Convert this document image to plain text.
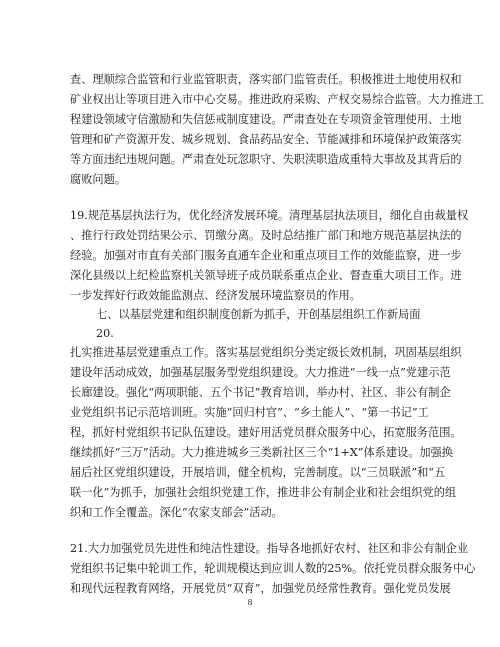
查、理顺综合监管和行业监管职责，落实部门监管责任。积极推进土地使用权和

矿业权出让等项目进入市中心交易。推进政府采购、产权交易综合监管。大力推进工

程建设领域守信激励和失信惩戒制度建设。严肃查处在专项资金管理使用、土地

管理和矿产资源开发、城乡规划、食品药品安全、节能减排和环境保护政策落实

等方面违纪违规问题。严肃查处玩忽职守、失职渎职造成重特大事故及其背后的

腐败问题。

19.规范基层执法行为，优化经济发展环境。清理基层执法项目，细化自由裁量权

、推行行政处罚结果公示、罚缴分离。及时总结推广部门和地方规范基层执法的

经验。加强对市直有关部门服务直通车企业和重点项目工作的效能监察，进一步

深化县级以上纪检监察机关领导班子成员联系重点企业、督查重大项目工作。进

一步发挥好行政效能监测点、经济发展环境监察员的作用。

七、以基层党建和组织制度创新为抓手，开创基层组织工作新局面

20.

扎实推进基层党建重点工作。落实基层党组织分类定级长效机制，巩固基层组织

建设年活动成效，加强基层服务型党组织建设。大力推进“一线一点”党建示范

长廊建设。强化“两项职能、五个书记”教育培训，举办村、社区、非公有制企

业党组织书记示范培训班。实施“回归村官”、“乡土能人”、“第一书记”工

程，抓好村党组织书记队伍建设。建好用活党员群众服务中心，拓宽服务范围。

继续抓好“三万”活动。大力推进城乡三类新社区三个“1+X”体系建设。加强换

届后社区党组织建设，开展培训，健全机构，完善制度。以“三员联派”和“五

联一化”为抓手，加强社会组织党建工作，推进非公有制企业和社会组织党的组

织和工作全覆盖。深化“农家支部会”活动。

21.大力加强党员先进性和纯洁性建设。指导各地抓好农村、社区和非公有制企业

党组织书记集中轮训工作，轮训规模达到应训人数的25%。依托党员群众服务中心

和现代远程教育网络，开展党员“双育”，加强党员经常性教育。强化党员发展

8
